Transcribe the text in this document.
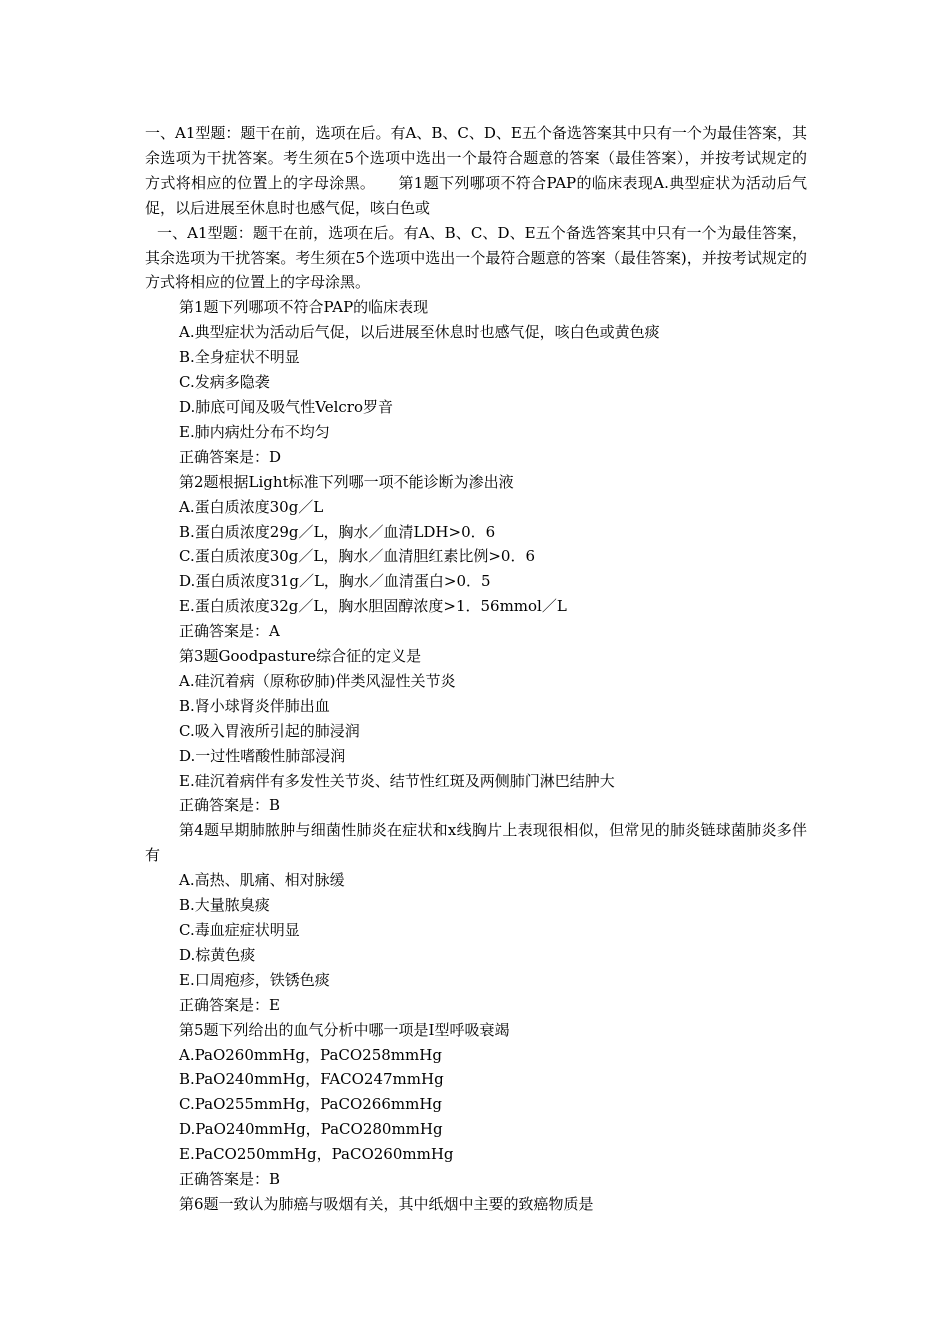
一、A1型题：题干在前，选项在后。有A、B、C、D、E五个备选答案其中只有一个为最佳答案，其余选项为干扰答案。考生须在5个选项中选出一个最符合题意的答案（最佳答案），并按考试规定的方式将相应的位置上的字母涂黑。　　第1题下列哪项不符合PAP的临床表现A.典型症状为活动后气促，以后进展至休息时也感气促，咳白色或

一、A1型题：题干在前，选项在后。有A、B、C、D、E五个备选答案其中只有一个为最佳答案，其余选项为干扰答案。考生须在5个选项中选出一个最符合题意的答案（最佳答案)，并按考试规定的方式将相应的位置上的字母涂黑。

第1题下列哪项不符合PAP的临床表现

A.典型症状为活动后气促，以后进展至休息时也感气促，咳白色或黄色痰

B.全身症状不明显

C.发病多隐袭

D.肺底可闻及吸气性Velcro罗音

E.肺内病灶分布不均匀

正确答案是：D

第2题根据Light标准下列哪一项不能诊断为渗出液

A.蛋白质浓度30g／L

B.蛋白质浓度29g／L，胸水／血清LDH>0．6

C.蛋白质浓度30g／L，胸水／血清胆红素比例>0．6

D.蛋白质浓度31g／L，胸水／血清蛋白>0．5

E.蛋白质浓度32g／L，胸水胆固醇浓度>1．56mmol／L

正确答案是：A

第3题Goodpasture综合征的定义是

A.硅沉着病（原称矽肺)伴类风湿性关节炎

B.肾小球肾炎伴肺出血

C.吸入胃液所引起的肺浸润

D.一过性嗜酸性肺部浸润

E.硅沉着病伴有多发性关节炎、结节性红斑及两侧肺门淋巴结肿大

正确答案是：B

第4题早期肺脓肿与细菌性肺炎在症状和x线胸片上表现很相似，但常见的肺炎链球菌肺炎多伴有

A.高热、肌痛、相对脉缓

B.大量脓臭痰

C.毒血症症状明显

D.棕黄色痰

E.口周疱疹，铁锈色痰

正确答案是：E

第5题下列给出的血气分析中哪一项是Ⅰ型呼吸衰竭

A.PaO260mmHg，PaCO258mmHg

B.PaO240mmHg，FACO247mmHg

C.PaO255mmHg，PaCO266mmHg

D.PaO240mmHg，PaCO280mmHg

E.PaCO250mmHg，PaCO260mmHg

正确答案是：B

第6题一致认为肺癌与吸烟有关，其中纸烟中主要的致癌物质是
